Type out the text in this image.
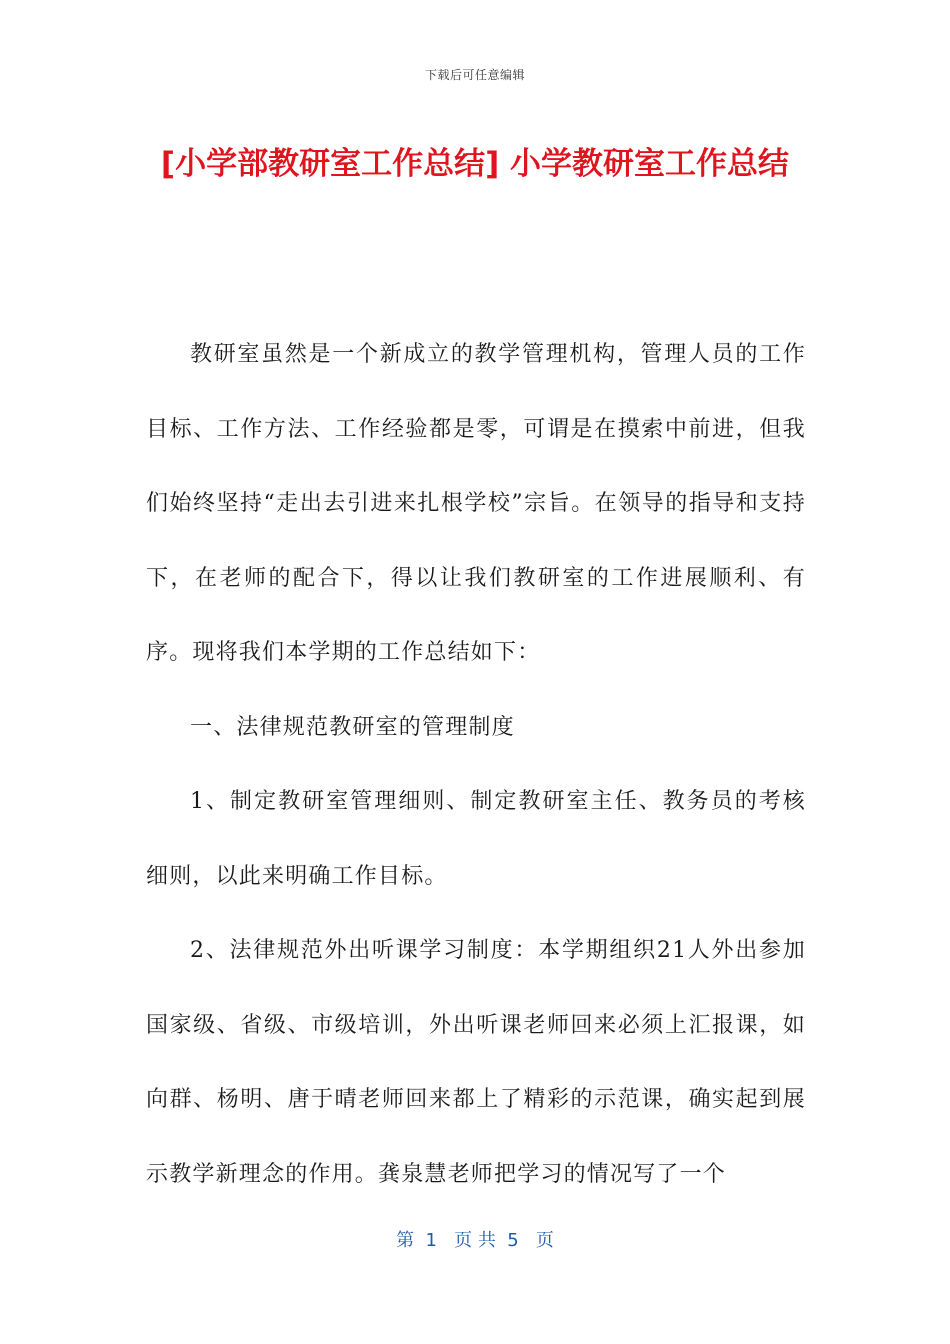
下载后可任意编辑
[小学部教研室工作总结] 小学教研室工作总结

教研室虽然是一个新成立的教学管理机构，管理人员的工作目标、工作方法、工作经验都是零，可谓是在摸索中前进，但我们始终坚持“走出去引进来扎根学校”宗旨。在领导的指导和支持下，在老师的配合下，得以让我们教研室的工作进展顺利、有序。现将我们本学期的工作总结如下：

一、法律规范教研室的管理制度

1、制定教研室管理细则、制定教研室主任、教务员的考核细则，以此来明确工作目标。

2、法律规范外出听课学习制度：本学期组织21人外出参加国家级、省级、市级培训，外出听课老师回来必须上汇报课，如向群、杨明、唐于晴老师回来都上了精彩的示范课，确实起到展示教学新理念的作用。龚泉慧老师把学习的情况写了一个

第  1   页 共  5   页
